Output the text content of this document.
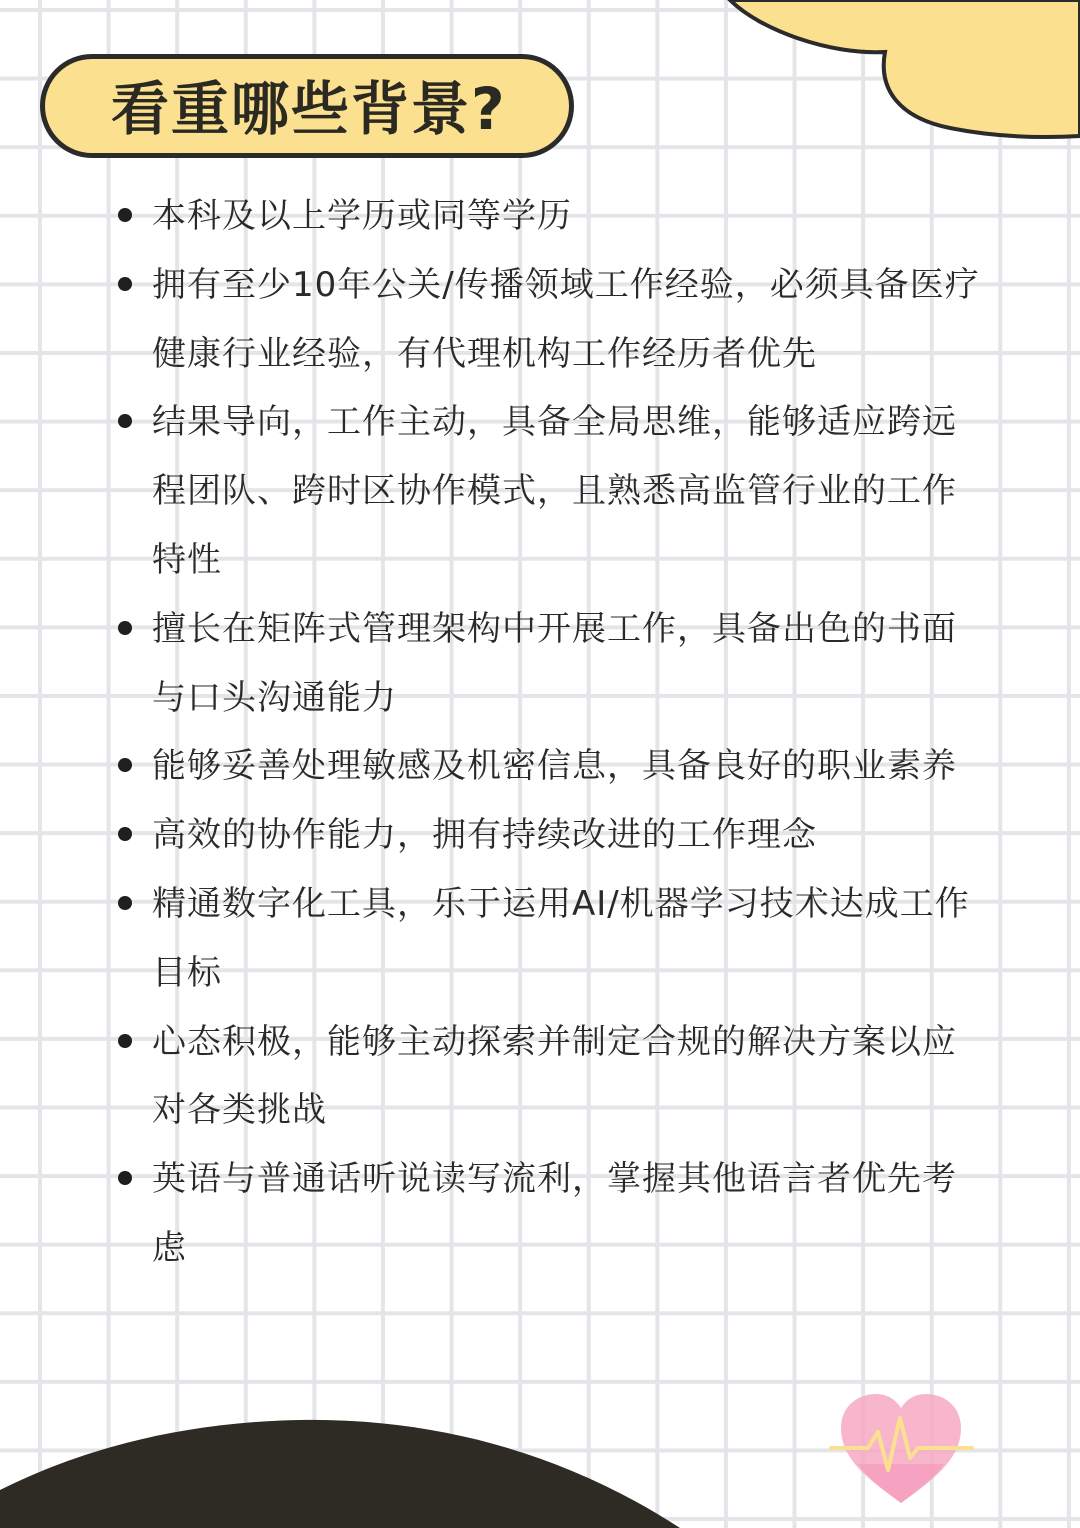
看重哪些背景?
本科及以上学历或同等学历
拥有至少10年公关/传播领域工作经验，必须具备医疗健康行业经验，有代理机构工作经历者优先
结果导向，工作主动，具备全局思维，能够适应跨远程团队、跨时区协作模式，且熟悉高监管行业的工作特性
擅长在矩阵式管理架构中开展工作，具备出色的书面与口头沟通能力
能够妥善处理敏感及机密信息，具备良好的职业素养
高效的协作能力，拥有持续改进的工作理念
精通数字化工具，乐于运用AI/机器学习技术达成工作目标
心态积极，能够主动探索并制定合规的解决方案以应对各类挑战
英语与普通话听说读写流利，掌握其他语言者优先考虑
